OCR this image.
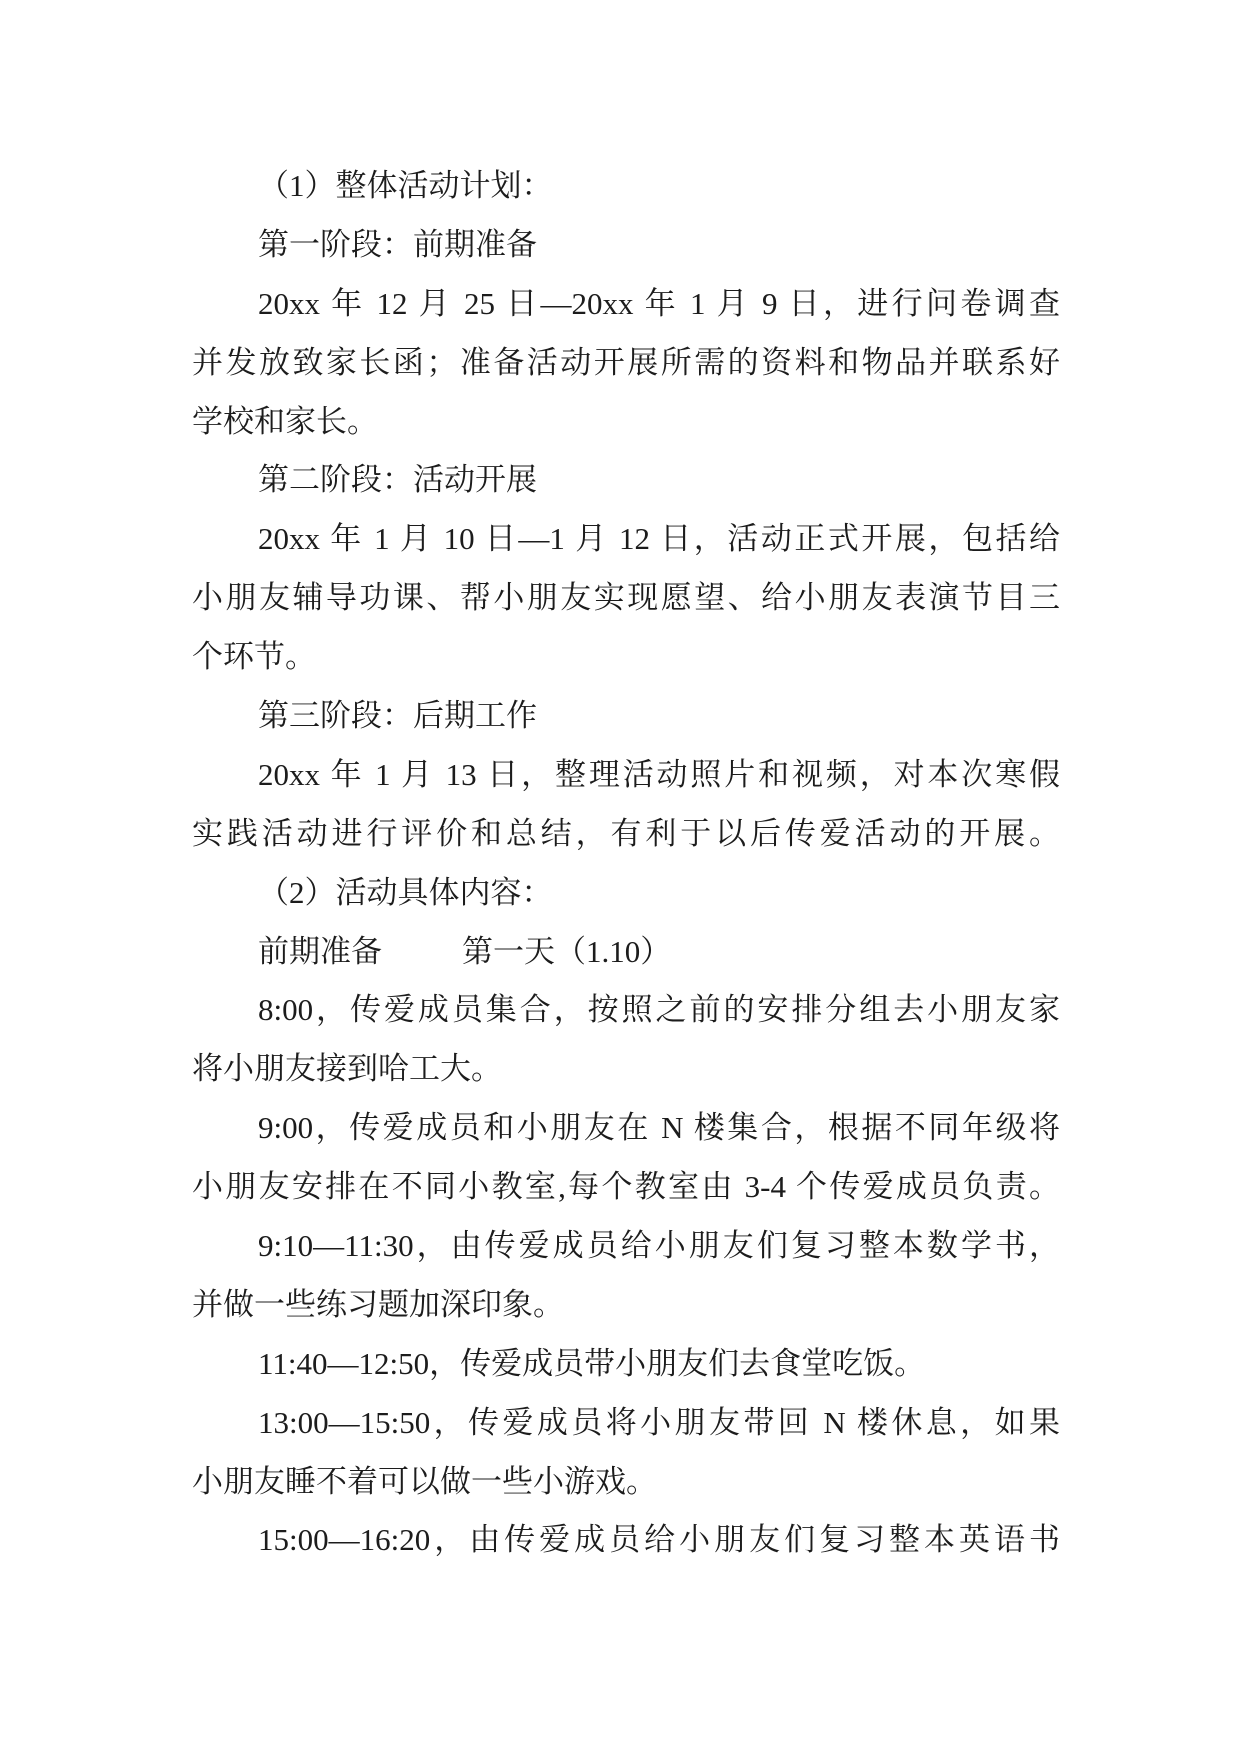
（1）整体活动计划：
第一阶段：前期准备
20xx 年 12 月 25 日—20xx 年 1 月 9 日，进行问卷调查
并发放致家长函；准备活动开展所需的资料和物品并联系好
学校和家长。
第二阶段：活动开展
20xx 年 1 月 10 日—1 月 12 日，活动正式开展，包括给
小朋友辅导功课、帮小朋友实现愿望、给小朋友表演节目三
个环节。
第三阶段：后期工作
20xx 年 1 月 13 日，整理活动照片和视频，对本次寒假
实践活动进行评价和总结，有利于以后传爱活动的开展。
（2）活动具体内容：
前期准备	第一天（1.10）
8:00，传爱成员集合，按照之前的安排分组去小朋友家
将小朋友接到哈工大。
9:00，传爱成员和小朋友在 N 楼集合，根据不同年级将
小朋友安排在不同小教室,每个教室由 3-4 个传爱成员负责。
9:10—11:30，由传爱成员给小朋友们复习整本数学书，
并做一些练习题加深印象。
11:40—12:50，传爱成员带小朋友们去食堂吃饭。
13:00—15:50，传爱成员将小朋友带回 N 楼休息，如果
小朋友睡不着可以做一些小游戏。
15:00—16:20，由传爱成员给小朋友们复习整本英语书
